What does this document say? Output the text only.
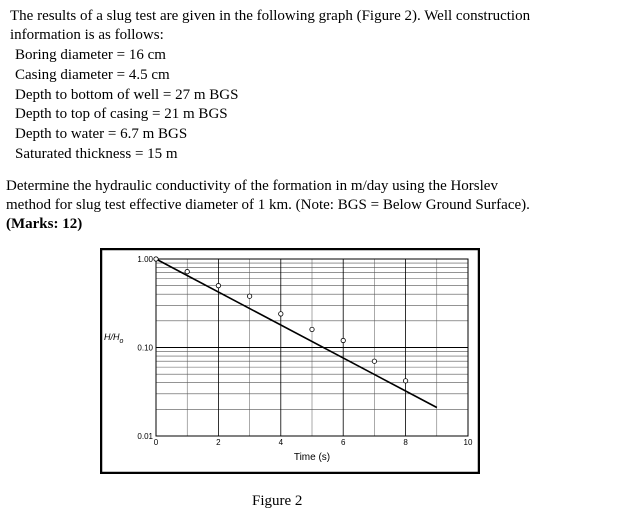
The results of a slug test are given in the following graph (Figure 2). Well construction
information is as follows:
Boring diameter = 16 cm
Casing diameter = 4.5 cm
Depth to bottom of well = 27 m BGS
Depth to top of casing = 21 m BGS
Depth to water = 6.7 m BGS
Saturated thickness = 15 m
Determine the hydraulic conductivity of the formation in m/day using the Horslev
method for slug test effective diameter of 1 km. (Note: BGS = Below Ground Surface).
(Marks: 12)
1.00
0.10
0.01
0	2	4	6	8	10
$H/H_o$
Time (s)
Figure 2
